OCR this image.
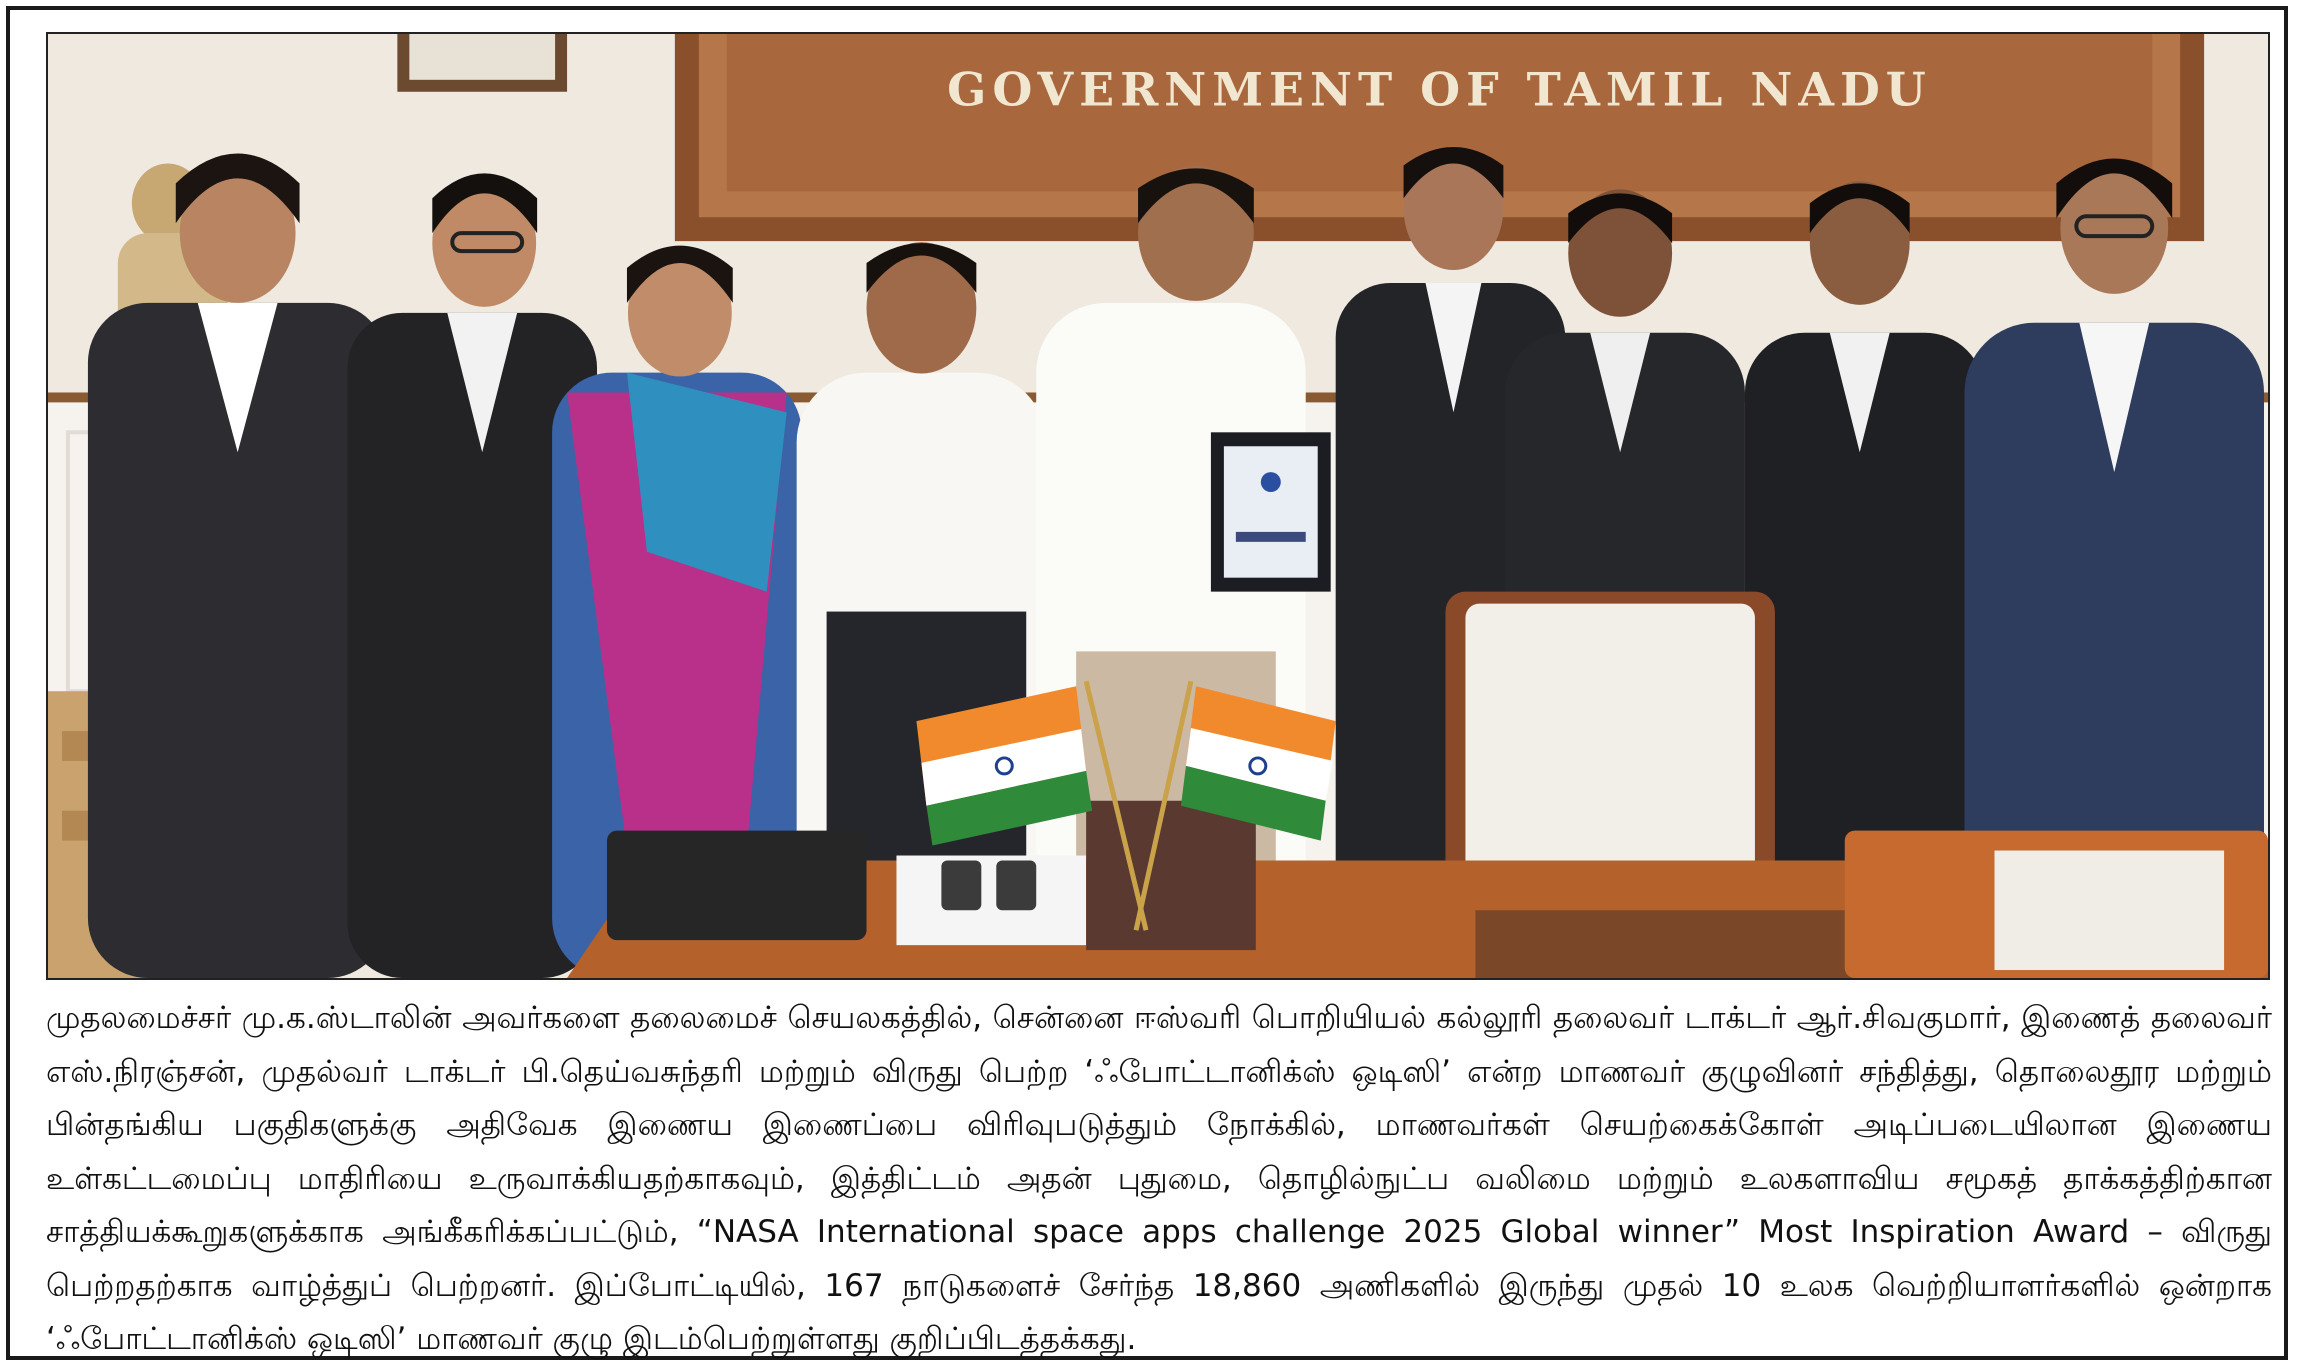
GOVERNMENT OF TAMIL NADU

முதலமைச்சர் மு.க.ஸ்டாலின் அவர்களை தலைமைச் செயலகத்தில், சென்னை ஈஸ்வரி பொறியியல் கல்லூரி தலைவர் டாக்டர் ஆர்.சிவகுமார், இணைத் தலைவர் எஸ்.நிரஞ்சன், முதல்வர் டாக்டர் பி.தெய்வசுந்தரி மற்றும் விருது பெற்ற ‘ஃபோட்டானிக்ஸ் ஒடிஸி’ என்ற மாணவர் குழுவினர் சந்தித்து, தொலைதூர மற்றும் பின்தங்கிய பகுதிகளுக்கு அதிவேக இணைய இணைப்பை விரிவுபடுத்தும் நோக்கில், மாணவர்கள் செயற்கைக்கோள் அடிப்படையிலான இணைய உள்கட்டமைப்பு மாதிரியை உருவாக்கியதற்காகவும், இத்திட்டம் அதன் புதுமை, தொழில்நுட்ப வலிமை மற்றும் உலகளாவிய சமூகத் தாக்கத்திற்கான சாத்தியக்கூறுகளுக்காக அங்கீகரிக்கப்பட்டும், “NASA International space apps challenge 2025 Global winner” Most Inspiration Award – விருது பெற்றதற்காக வாழ்த்துப் பெற்றனர். இப்போட்டியில், 167 நாடுகளைச் சேர்ந்த 18,860 அணிகளில் இருந்து முதல் 10 உலக வெற்றியாளர்களில் ஒன்றாக ‘ஃபோட்டானிக்ஸ் ஒடிஸி’ மாணவர் குழு இடம்பெற்றுள்ளது குறிப்பிடத்தக்கது.
